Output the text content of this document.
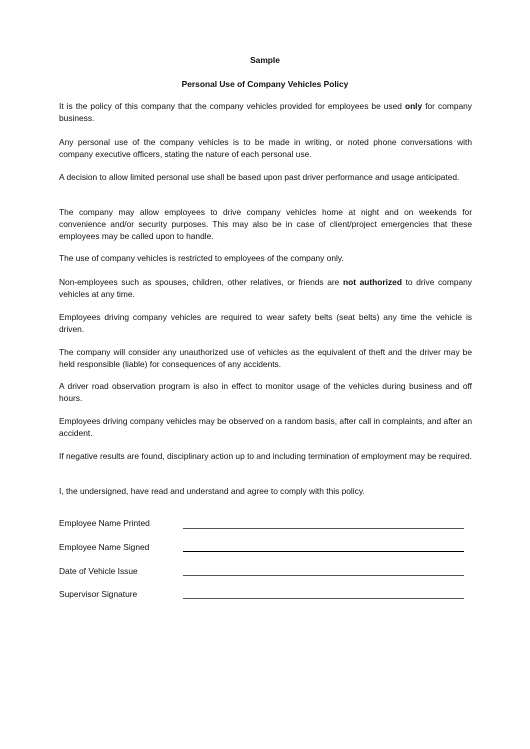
Sample
Personal Use of Company Vehicles Policy

It is the policy of this company that the company vehicles provided for employees be used only for company business.

Any personal use of the company vehicles is to be made in writing, or noted phone conversations with company executive officers, stating the nature of each personal use.

A decision to allow limited personal use shall be based upon past driver performance and usage anticipated.

The company may allow employees to drive company vehicles home at night and on weekends for convenience and/or security purposes. This may also be in case of client/project emergencies that these employees may be called upon to handle.

The use of company vehicles is restricted to employees of the company only.

Non-employees such as spouses, children, other relatives, or friends are not authorized to drive company vehicles at any time.

Employees driving company vehicles are required to wear safety belts (seat belts) any time the vehicle is driven.

The company will consider any unauthorized use of vehicles as the equivalent of theft and the driver may be held responsible (liable) for consequences of any accidents.

A driver road observation program is also in effect to monitor usage of the vehicles during business and off hours.

Employees driving company vehicles may be observed on a random basis, after call in complaints, and after an accident.

If negative results are found, disciplinary action up to and including termination of employment may be required.

I, the undersigned, have read and understand and agree to comply with this policy.

Employee Name Printed
Employee Name Signed
Date of Vehicle Issue
Supervisor Signature
